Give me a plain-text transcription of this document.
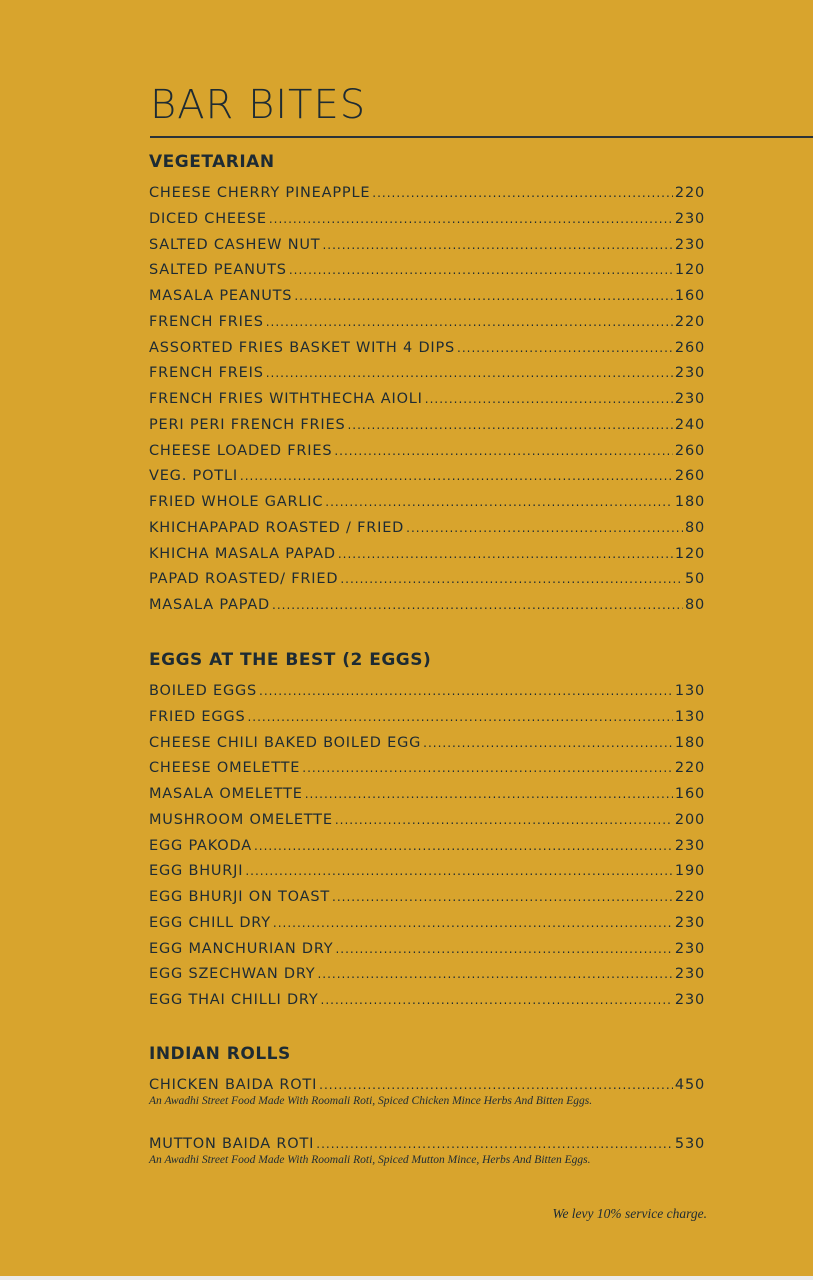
BAR BITES
VEGETARIAN
CHEESE CHERRY PINEAPPLE .....	220
DICED CHEESE .....	230
SALTED CASHEW NUT .....	230
SALTED PEANUTS .....	120
MASALA PEANUTS .....	160
FRENCH FRIES .....	220
ASSORTED FRIES BASKET WITH 4 DIPS .....	260
FRENCH FREIS .....	230
FRENCH FRIES WITHTHECHA AIOLI .....	230
PERI PERI FRENCH FRIES .....	240
CHEESE LOADED FRIES .....	260
VEG. POTLI .....	260
FRIED WHOLE GARLIC .....	180
KHICHAPAPAD ROASTED / FRIED .....	80
KHICHA MASALA PAPAD .....	120
PAPAD ROASTED/ FRIED .....	50
MASALA PAPAD .....	80
EGGS AT THE BEST (2 EGGS)
BOILED EGGS .....	130
FRIED EGGS .....	130
CHEESE CHILI BAKED BOILED EGG .....	180
CHEESE OMELETTE .....	220
MASALA OMELETTE .....	160
MUSHROOM OMELETTE .....	200
EGG PAKODA .....	230
EGG BHURJI .....	190
EGG BHURJI ON TOAST .....	220
EGG CHILL DRY .....	230
EGG MANCHURIAN DRY .....	230
EGG SZECHWAN DRY .....	230
EGG THAI CHILLI DRY .....	230
INDIAN ROLLS
CHICKEN BAIDA ROTI .....	450
An Awadhi Street Food Made With Roomali Roti, Spiced Chicken Mince Herbs And Bitten Eggs.
MUTTON BAIDA ROTI .....	530
An Awadhi Street Food Made With Roomali Roti, Spiced Mutton Mince, Herbs And Bitten Eggs.
We levy 10% service charge.
